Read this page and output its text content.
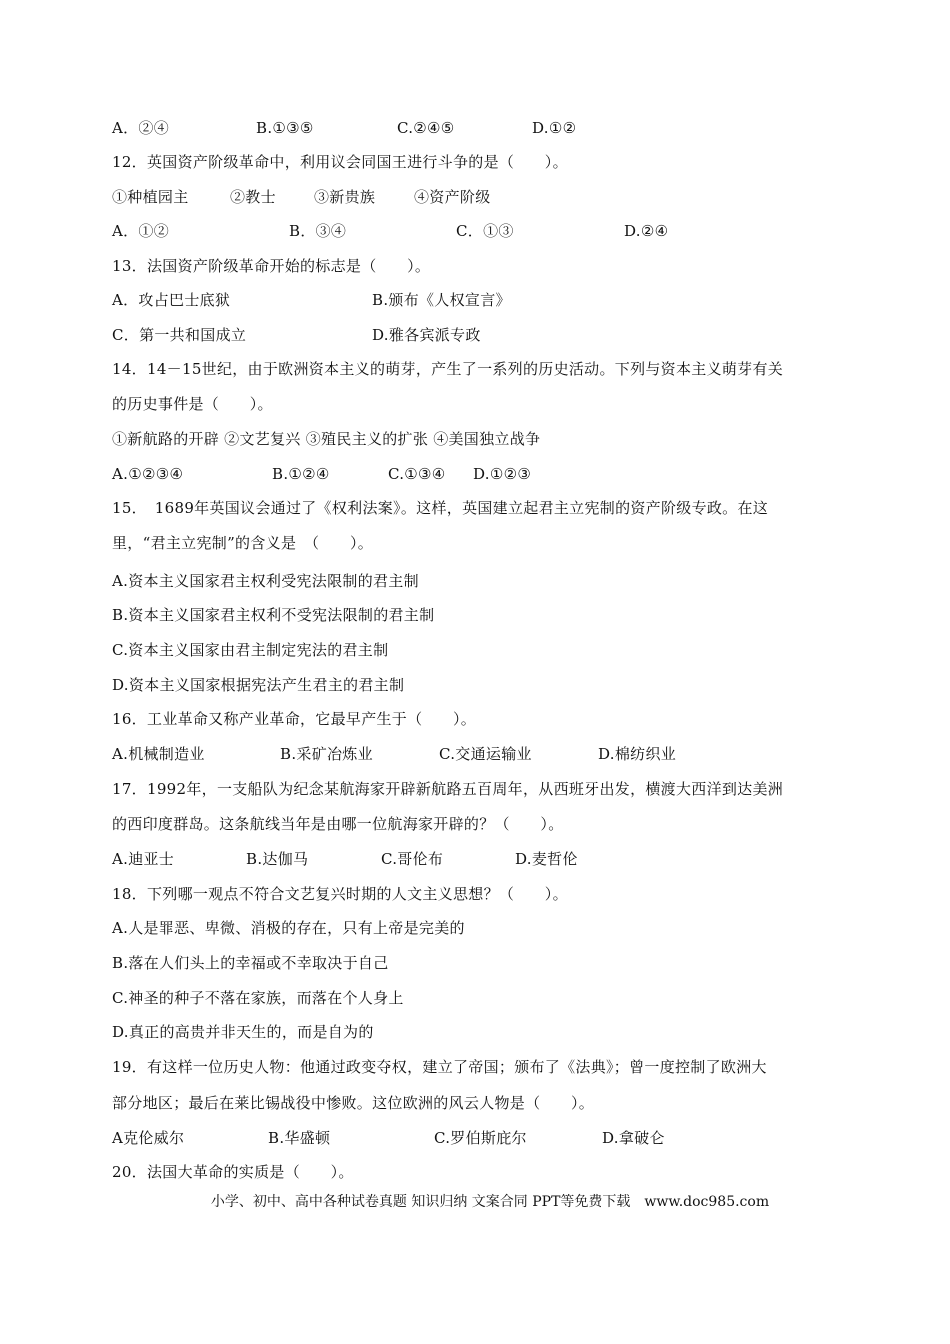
A．②④	B.①③⑤	C.②④⑤	D.①②
12．英国资产阶级革命中，利用议会同国王进行斗争的是（　　）。
①种植园主	②教士	③新贵族	④资产阶级
A．①②	B．③④	C．①③	D.②④
13．法国资产阶级革命开始的标志是（　　）。
A．攻占巴士底狱	B.颁布《人权宣言》
C．第一共和国成立	D.雅各宾派专政
14．14－15世纪，由于欧洲资本主义的萌芽，产生了一系列的历史活动。下列与资本主义萌芽有关
的历史事件是（　　）。
①新航路的开辟 ②文艺复兴 ③殖民主义的扩张 ④美国独立战争
A.①②③④	B.①②④	C.①③④ D.①②③
15．　1689年英国议会通过了《权利法案》。这样，英国建立起君主立宪制的资产阶级专政。在这
里，“君主立宪制”的含义是　（　　）。
A.资本主义国家君主权利受宪法限制的君主制
B.资本主义国家君主权利不受宪法限制的君主制
C.资本主义国家由君主制定宪法的君主制
D.资本主义国家根据宪法产生君主的君主制
16．工业革命又称产业革命，它最早产生于（　　）。
A.机械制造业	B.采矿冶炼业	C.交通运输业	D.棉纺织业
17．1992年，一支船队为纪念某航海家开辟新航路五百周年，从西班牙出发，横渡大西洋到达美洲
的西印度群岛。这条航线当年是由哪一位航海家开辟的？（　　）。
A.迪亚士	B.达伽马	C.哥伦布	D.麦哲伦
18．下列哪一观点不符合文艺复兴时期的人文主义思想？（　　）。
A.人是罪恶、卑微、消极的存在，只有上帝是完美的
B.落在人们头上的幸福或不幸取决于自己
C.神圣的种子不落在家族，而落在个人身上
D.真正的高贵并非天生的，而是自为的
19．有这样一位历史人物：他通过政变夺权，建立了帝国；颁布了《法典》；曾一度控制了欧洲大
部分地区；最后在莱比锡战役中惨败。这位欧洲的风云人物是（　　）。
A克伦威尔	B.华盛顿	C.罗伯斯庇尔	D.拿破仑
20．法国大革命的实质是（　　）。
小学、初中、高中各种试卷真题 知识归纳 文案合同 PPT等免费下载　www.doc985.com
